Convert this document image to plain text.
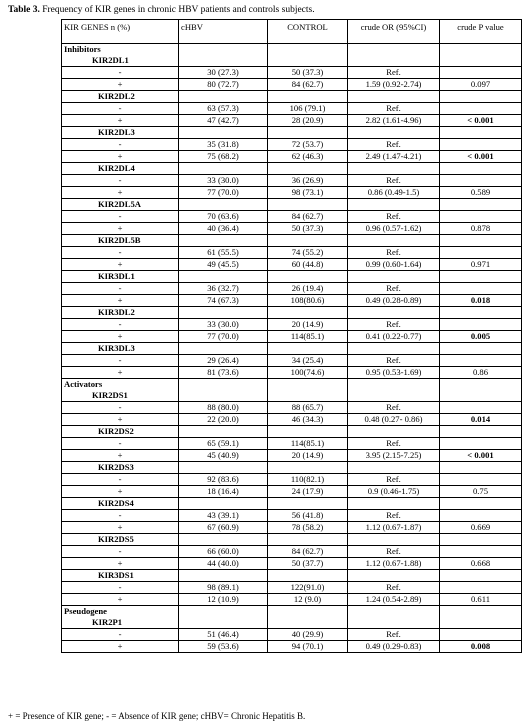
Table 3. Frequency of KIR genes in chronic HBV patients and controls subjects.
KIR GENES n (%)	cHBV	CONTROL	crude OR (95%CI)	crude P value

Inhibitors
KIR2DL1				

-	30 (27.3)	50 (37.3)	Ref.	
+	80 (72.7)	84 (62.7)	1.59 (0.92-2.74)	0.097
KIR2DL2				
-	63 (57.3)	106 (79.1)	Ref.	
+	47 (42.7)	28 (20.9)	2.82 (1.61-4.96)	< 0.001
KIR2DL3				
-	35 (31.8)	72 (53.7)	Ref.	
+	75 (68.2)	62 (46.3)	2.49 (1.47-4.21)	< 0.001
KIR2DL4				
-	33 (30.0)	36 (26.9)	Ref.	
+	77 (70.0)	98 (73.1)	0.86 (0.49-1.5)	0.589
KIR2DL5A				
-	70 (63.6)	84 (62.7)	Ref.	
+	40 (36.4)	50 (37.3)	0.96 (0.57-1.62)	0.878
KIR2DL5B				
-	61 (55.5)	74 (55.2)	Ref.	
+	49 (45.5)	60 (44.8)	0.99 (0.60-1.64)	0.971
KIR3DL1				
-	36 (32.7)	26 (19.4)	Ref.	
+	74 (67.3)	108(80.6)	0.49 (0.28-0.89)	0.018
KIR3DL2				
-	33 (30.0)	20 (14.9)	Ref.	
+	77 (70.0)	114(85.1)	0.41 (0.22-0.77)	0.005
KIR3DL3				
-	29 (26.4)	34 (25.4)	Ref.	
+	81 (73.6)	100(74.6)	0.95 (0.53-1.69)	0.86

Activators
KIR2DS1				

-	88 (80.0)	88 (65.7)	Ref.	
+	22 (20.0)	46 (34.3)	0.48 (0.27- 0.86)	0.014
KIR2DS2				
-	65 (59.1)	114(85.1)	Ref.	
+	45 (40.9)	20 (14.9)	3.95 (2.15-7.25)	< 0.001
KIR2DS3				
-	92 (83.6)	110(82.1)	Ref.	
+	18 (16.4)	24 (17.9)	0.9 (0.46-1.75)	0.75
KIR2DS4				
-	43 (39.1)	56 (41.8)	Ref.	
+	67 (60.9)	78 (58.2)	1.12 (0.67-1.87)	0.669
KIR2DS5				
-	66 (60.0)	84 (62.7)	Ref.	
+	44 (40.0)	50 (37.7)	1.12 (0.67-1.88)	0.668
KIR3DS1				
-	98 (89.1)	122(91.0)	Ref.	
+	12 (10.9)	12 (9.0)	1.24 (0.54-2.89)	0.611

Pseudogene
KIR2P1				

-	51 (46.4)	40 (29.9)	Ref.	
+	59 (53.6)	94 (70.1)	0.49 (0.29-0.83)	0.008
+ = Presence of KIR gene; - = Absence of KIR gene; cHBV= Chronic Hepatitis B.
